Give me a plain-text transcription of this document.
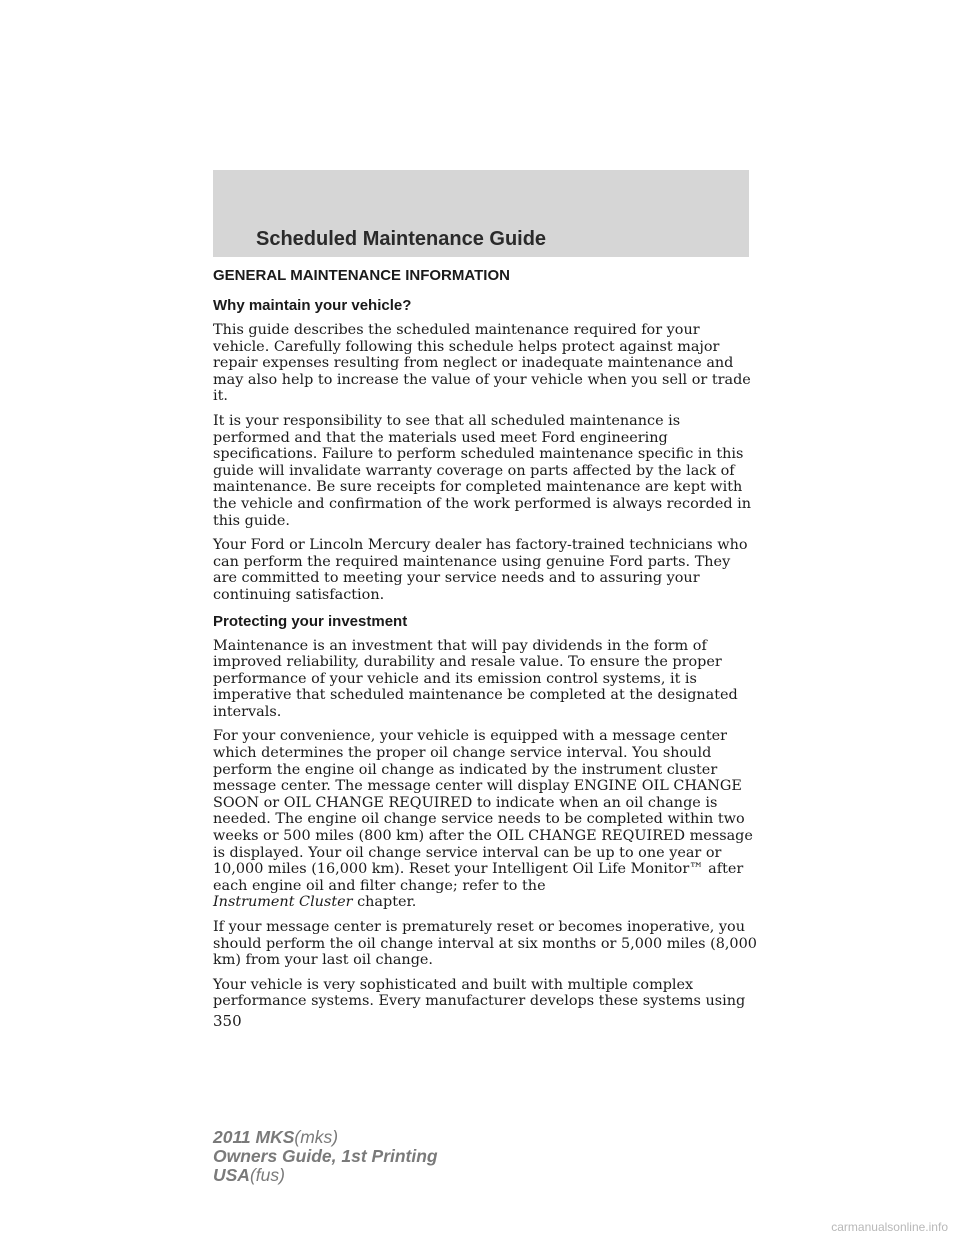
Scheduled Maintenance Guide
GENERAL MAINTENANCE INFORMATION
Why maintain your vehicle?

This guide describes the scheduled maintenance required for your vehicle. Carefully following this schedule helps protect against major repair expenses resulting from neglect or inadequate maintenance and may also help to increase the value of your vehicle when you sell or trade it.

It is your responsibility to see that all scheduled maintenance is performed and that the materials used meet Ford engineering specifications. Failure to perform scheduled maintenance specific in this guide will invalidate warranty coverage on parts affected by the lack of maintenance. Be sure receipts for completed maintenance are kept with the vehicle and confirmation of the work performed is always recorded in this guide.

Your Ford or Lincoln Mercury dealer has factory-trained technicians who can perform the required maintenance using genuine Ford parts. They are committed to meeting your service needs and to assuring your continuing satisfaction.

Protecting your investment

Maintenance is an investment that will pay dividends in the form of improved reliability, durability and resale value. To ensure the proper performance of your vehicle and its emission control systems, it is imperative that scheduled maintenance be completed at the designated intervals.

For your convenience, your vehicle is equipped with a message center which determines the proper oil change service interval. You should perform the engine oil change as indicated by the instrument cluster message center. The message center will display ENGINE OIL CHANGE SOON or OIL CHANGE REQUIRED to indicate when an oil change is needed. The engine oil change service needs to be completed within two weeks or 500 miles (800 km) after the OIL CHANGE REQUIRED message is displayed. Your oil change service interval can be up to one year or 10,000 miles (16,000 km). Reset your Intelligent Oil Life Monitor™ after each engine oil and filter change; refer to the
Instrument Cluster chapter.

If your message center is prematurely reset or becomes inoperative, you should perform the oil change interval at six months or 5,000 miles (8,000 km) from your last oil change.

Your vehicle is very sophisticated and built with multiple complex performance systems. Every manufacturer develops these systems using

350
2011 MKS(mks)
Owners Guide, 1st Printing
USA(fus)
carmanualsonline.info
